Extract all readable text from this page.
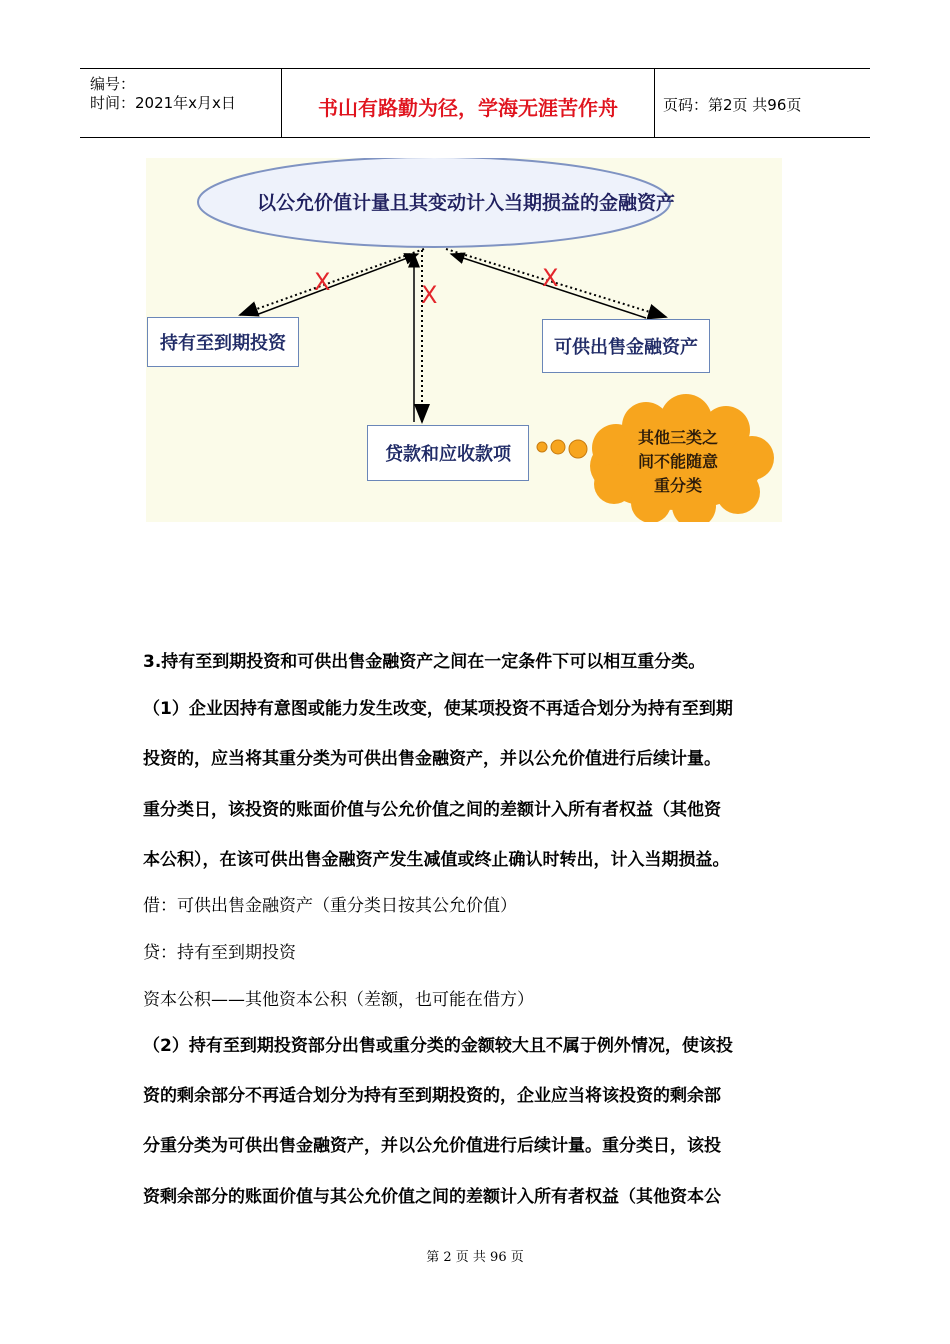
编号：
时间：2021年x月x日	书山有路勤为径，学海无涯苦作舟	页码：第2页 共96页
以公允价值计量且其变动计入当期损益的金融资产
持有至到期投资	可供出售金融资产
贷款和应收款项
其他三类之
间不能随意
重分类
X	X
X
3.持有至到期投资和可供出售金融资产之间在一定条件下可以相互重分类。
（1）企业因持有意图或能力发生改变，使某项投资不再适合划分为持有至到期
投资的，应当将其重分类为可供出售金融资产，并以公允价值进行后续计量。
重分类日，该投资的账面价值与公允价值之间的差额计入所有者权益（其他资
本公积），在该可供出售金融资产发生减值或终止确认时转出，计入当期损益。
借：可供出售金融资产（重分类日按其公允价值）
贷：持有至到期投资
资本公积——其他资本公积（差额，也可能在借方）
（2）持有至到期投资部分出售或重分类的金额较大且不属于例外情况，使该投
资的剩余部分不再适合划分为持有至到期投资的，企业应当将该投资的剩余部
分重分类为可供出售金融资产，并以公允价值进行后续计量。重分类日，该投
资剩余部分的账面价值与其公允价值之间的差额计入所有者权益（其他资本公
第 2 页 共 96 页
